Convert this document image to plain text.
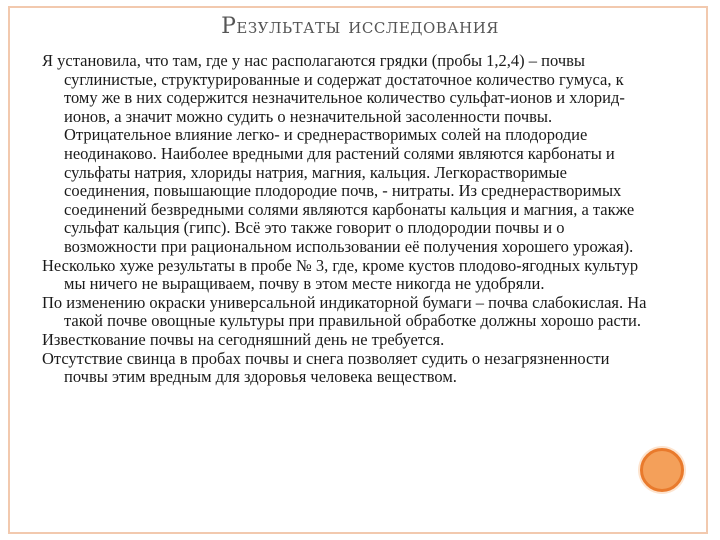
Результаты исследования

Я установила, что там, где у нас располагаются грядки (пробы 1,2,4) – почвы суглинистые, структурированные и содержат достаточное количество гумуса, к тому же в них содержится незначительное количество сульфат-ионов и хлорид-ионов, а значит можно судить о незначительной засоленности почвы. Отрицательное влияние легко- и среднерастворимых солей на плодородие неодинаково. Наиболее вредными для растений солями являются карбонаты и сульфаты натрия, хлориды натрия, магния, кальция. Легкорастворимые соединения, повышающие плодородие почв, - нитраты. Из среднерастворимых соединений безвредными солями являются карбонаты кальция и магния, а также сульфат кальция (гипс). Всё это также говорит о плодородии почвы и о возможности при рациональном использовании её получения хорошего урожая).

Несколько хуже результаты в пробе № 3, где, кроме кустов плодово-ягодных культур мы ничего не выращиваем, почву в этом месте никогда не удобряли.

По изменению окраски универсальной индикаторной бумаги – почва слабокислая. На такой почве овощные культуры при правильной обработке должны хорошо расти.

Известкование почвы на сегодняшний день не требуется.

Отсутствие свинца в пробах почвы и снега позволяет судить о незагрязненности почвы этим вредным для здоровья человека веществом.
